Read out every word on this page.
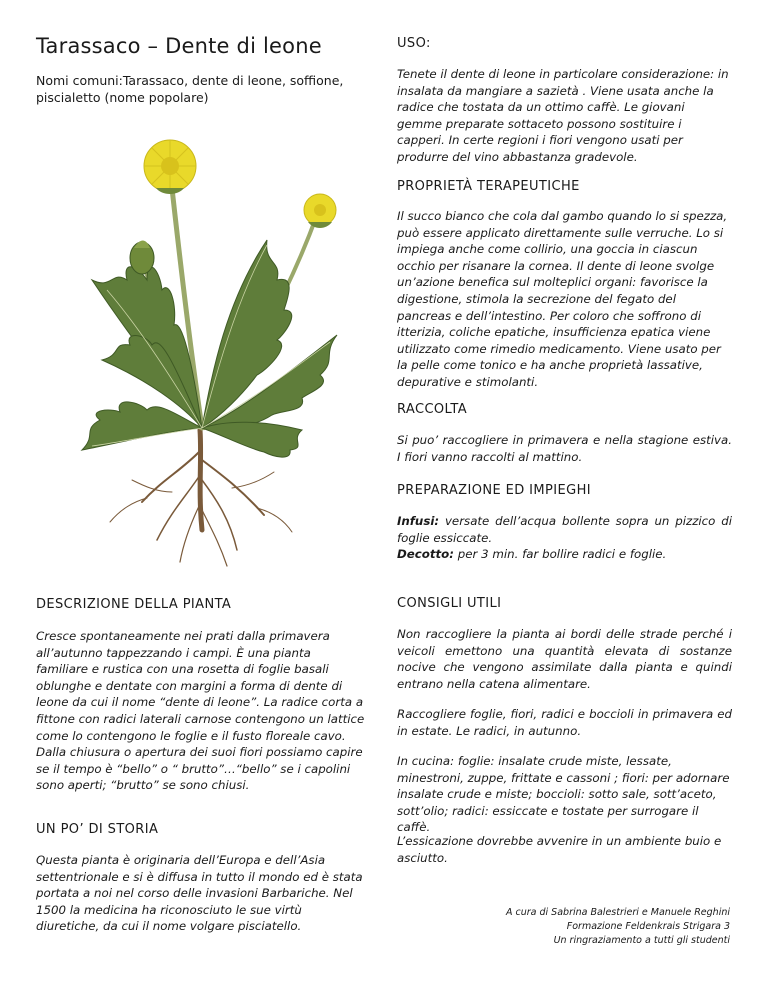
Tarassaco – Dente di leone

Nomi comuni:Tarassaco, dente di leone, soffione, piscialetto (nome popolare)

DESCRIZIONE DELLA PIANTA

Cresce spontaneamente nei prati dalla primavera all’autunno tappezzando i campi. È una pianta familiare e rustica con una rosetta di foglie basali oblunghe e dentate con margini a forma di dente di leone da cui il nome “dente di leone”. La radice corta a fittone con radici laterali carnose contengono un lattice come lo contengono le foglie e il fusto floreale cavo. Dalla chiusura o apertura dei suoi fiori possiamo capire se il tempo è “bello” o “ brutto”…“bello” se i capolini sono aperti; “brutto” se sono chiusi.

UN PO’ DI STORIA

Questa pianta è originaria dell’Europa e dell’Asia settentrionale e si è diffusa in tutto il mondo ed è stata portata a noi nel corso delle invasioni Barbariche. Nel 1500 la medicina ha riconosciuto le sue virtù diuretiche, da cui il nome volgare pisciatello.

USO:

Tenete il dente di leone in particolare considerazione: in insalata da mangiare a sazietà . Viene usata anche la radice che tostata da un ottimo caffè. Le giovani gemme preparate sottaceto possono sostituire i capperi. In certe regioni i fiori vengono usati per produrre del vino abbastanza gradevole.

PROPRIETÀ TERAPEUTICHE

Il succo bianco che cola dal gambo quando lo si spezza, può essere applicato direttamente sulle verruche. Lo si impiega anche come collirio, una goccia in ciascun occhio per risanare la cornea. Il dente di leone svolge un’azione benefica sul molteplici organi: favorisce la digestione, stimola la secrezione del fegato del pancreas e dell’intestino. Per coloro che soffrono di itterizia, coliche epatiche, insufficienza epatica viene utilizzato come rimedio medicamento. Viene usato per la pelle come tonico e ha anche proprietà lassative, depurative e stimolanti.

RACCOLTA

Si puo’ raccogliere in primavera e nella stagione estiva. I fiori vanno raccolti al mattino.

PREPARAZIONE ED IMPIEGHI
Infusi: versate dell’acqua bollente sopra un pizzico di foglie essiccate.
Decotto: per 3 min. far bollire radici e foglie.
CONSIGLI UTILI

Non raccogliere la pianta ai bordi delle strade perché i veicoli emettono una quantità elevata di sostanze nocive che vengono assimilate dalla pianta e quindi entrano nella catena alimentare.

Raccogliere foglie, fiori, radici e boccioli in primavera ed in estate. Le radici, in autunno.

In cucina: foglie: insalate crude miste, lessate, minestroni, zuppe, frittate e cassoni ; fiori: per adornare insalate crude e miste; boccioli: sotto sale, sott’aceto, sott’olio; radici: essiccate e tostate per surrogare il caffè.

L’essicazione dovrebbe avvenire in un ambiente buio e asciutto.

A cura di Sabrina Balestrieri e Manuele Reghini
Formazione Feldenkrais Strigara 3
Un ringraziamento a tutti gli studenti
